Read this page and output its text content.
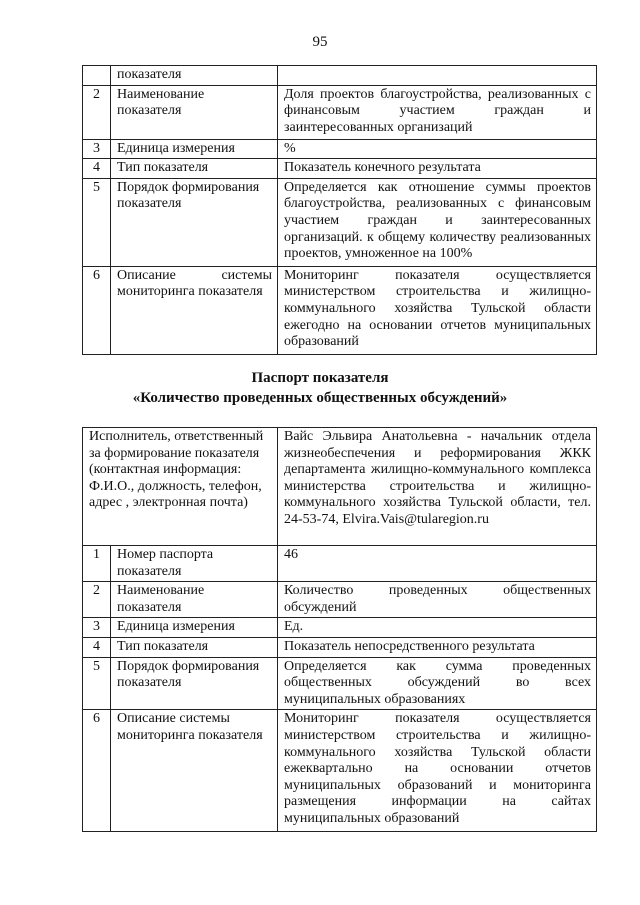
95
	показателя	
2	Наименование показателя	Доля проектов благоустройства, реализованных с финансовым участием граждан и заинтересованных организаций
3	Единица измерения	%
4	Тип показателя	Показатель конечного результата
5	Порядок формирования показателя	Определяется как отношение суммы проектов благоустройства, реализованных с финансовым участием граждан и заинтересованных организаций. к общему количеству реализованных проектов, умноженное на 100%
6	Описание системы мониторинга показателя	Мониторинг показателя осуществляется министерством строительства и жилищно-коммунального хозяйства Тульской области ежегодно на основании отчетов муниципальных образований
Паспорт показателя
«Количество проведенных общественных обсуждений»
Исполнитель, ответственный за формирование показателя (контактная информация: Ф.И.О., должность, телефон, адрес , электронная почта)		Вайс Эльвира Анатольевна - начальник отдела жизнеобеспечения и реформирования ЖКК департамента жилищно-коммунального комплекса министерства строительства и жилищно-коммунального хозяйства Тульской области, тел. 24-53-74, Elvira.Vais@tularegion.ru
1	Номер паспорта показателя	46
2	Наименование показателя	Количество проведенных общественных обсуждений
3	Единица измерения	Ед.
4	Тип показателя	Показатель непосредственного результата
5	Порядок формирования показателя	Определяется как сумма проведенных общественных обсуждений во всех муниципальных образованиях
6	Описание системы мониторинга показателя	Мониторинг показателя осуществляется министерством строительства и жилищно-коммунального хозяйства Тульской области ежеквартально на основании отчетов муниципальных образований и мониторинга размещения информации на сайтах муниципальных образований
